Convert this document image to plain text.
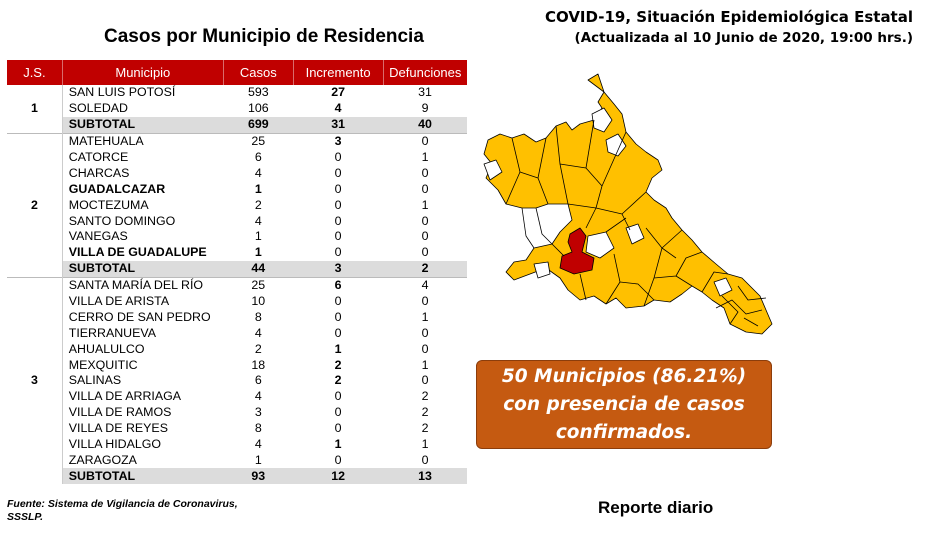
Casos por Municipio de Residencia
COVID-19, Situación Epidemiológica Estatal
(Actualizada al 10 Junio de 2020, 19:00 hrs.)
J.S.	Municipio	Casos	Incremento	Defunciones
1	SAN LUIS POTOSÍ	593	27	31
	SOLEDAD	106	4	9
	SUBTOTAL	699	31	40
2	MATEHUALA	25	3	0
	CATORCE	6	0	1
	CHARCAS	4	0	0
	GUADALCAZAR	1	0	0
	MOCTEZUMA	2	0	1
	SANTO DOMINGO	4	0	0
	VANEGAS	1	0	0
	VILLA DE GUADALUPE	1	0	0
	SUBTOTAL	44	3	2
3	SANTA MARÍA DEL RÍO	25	6	4
	VILLA DE ARISTA	10	0	0
	CERRO DE SAN PEDRO	8	0	1
	TIERRANUEVA	4	0	0
	AHUALULCO	2	1	0
	MEXQUITIC	18	2	1
	SALINAS	6	2	0
	VILLA DE ARRIAGA	4	0	2
	VILLA DE RAMOS	3	0	2
	VILLA DE REYES	8	0	2
	VILLA HIDALGO	4	1	1
	ZARAGOZA	1	0	0
	SUBTOTAL	93	12	13
Fuente: Sistema de Vigilancia de Coronavirus,
SSSLP.
50 Municipios (86.21%) con presencia de casos confirmados.
Reporte diario
